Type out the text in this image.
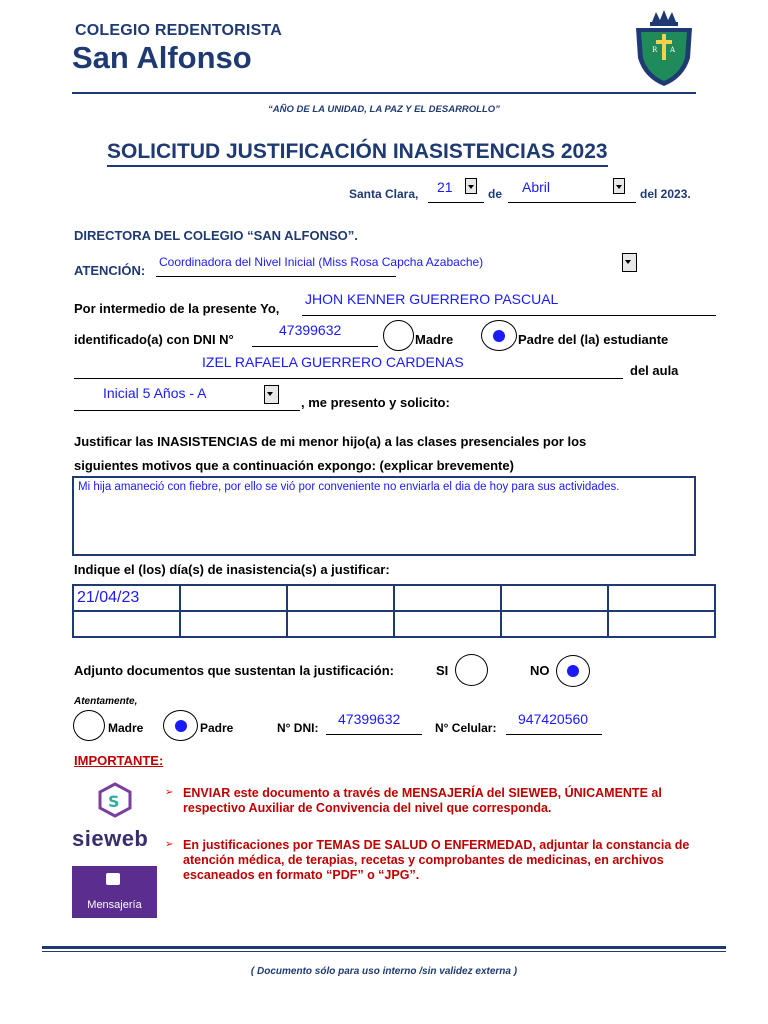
COLEGIO REDENTORISTA
San Alfonso	R A
“AÑO DE LA UNIDAD, LA PAZ Y EL DESARROLLO”
SOLICITUD JUSTIFICACIÓN INASISTENCIAS 2023
Santa Clara, 21	de Abril	del 2023.
DIRECTORA DEL COLEGIO “SAN ALFONSO”.
ATENCIÓN:
Coordinadora del Nivel Inicial (Miss Rosa Capcha Azabache)
Por intermedio de la presente Yo,
JHON KENNER GUERRERO PASCUAL
identificado(a) con DNI N°
47399632
Madre	Padre del (la) estudiante
IZEL RAFAELA GUERRERO CARDENAS
del aula
Inicial 5 Años - A
, me presento y solicito:
Justificar las INASISTENCIAS de mi menor hijo(a) a las clases presenciales por los
siguientes motivos que a continuación expongo: (explicar brevemente)
Mi hija amaneció con fiebre, por ello se vió por conveniente no enviarla el dia de hoy para sus actividades.
Indique el (los) día(s) de inasistencia(s) a justificar:
21/04/23					

Adjunto documentos que sustentan la justificación:	SI	NO
Atentamente,
Madre	Padre	N° DNI:
47399632
N° Celular:
947420560
IMPORTANTE:
S
sieweb
Mensajería
➢ ENVIAR este documento a través de MENSAJERÍA del SIEWEB, ÚNICAMENTE al respectivo Auxiliar de Convivencia del nivel que corresponda.
➢ En justificaciones por TEMAS DE SALUD O ENFERMEDAD, adjuntar la constancia de atención médica, de terapias, recetas y comprobantes de medicinas, en archivos escaneados en formato “PDF” o “JPG”.
( Documento sólo para uso interno /sin validez externa )
